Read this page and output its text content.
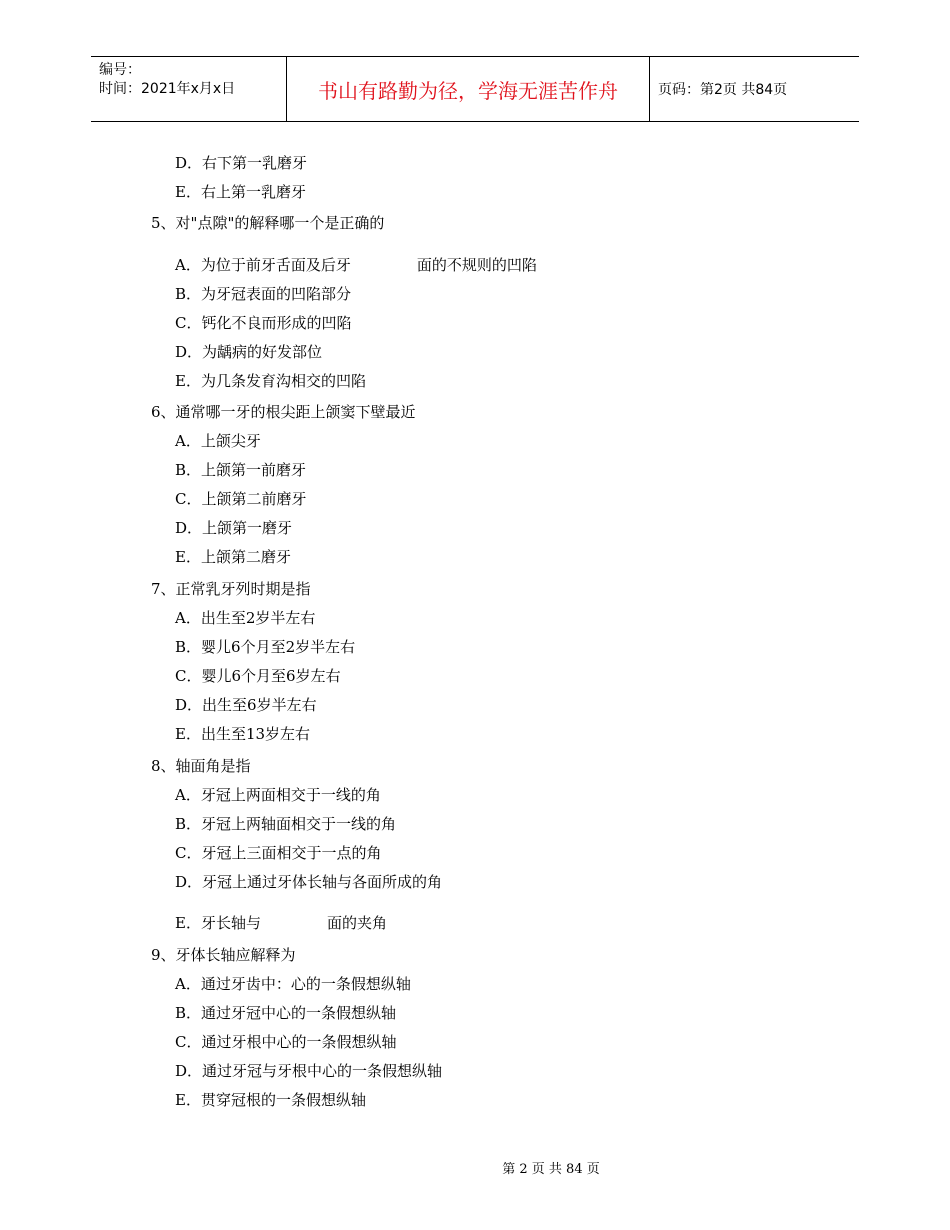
编号：
时间：2021年x月x日	书山有路勤为径，学海无涯苦作舟	页码：第2页 共84页
D．右下第一乳磨牙
E．右上第一乳磨牙
5、对"点隙"的解释哪一个是正确的
A．为位于前牙舌面及后牙	面的不规则的凹陷
B．为牙冠表面的凹陷部分
C．钙化不良而形成的凹陷
D．为龋病的好发部位
E．为几条发育沟相交的凹陷
6、通常哪一牙的根尖距上颌窦下壁最近
A．上颌尖牙
B．上颌第一前磨牙
C．上颌第二前磨牙
D．上颌第一磨牙
E．上颌第二磨牙
7、正常乳牙列时期是指
A．出生至2岁半左右
B．婴儿6个月至2岁半左右
C．婴儿6个月至6岁左右
D．出生至6岁半左右
E．出生至13岁左右
8、轴面角是指
A．牙冠上两面相交于一线的角
B．牙冠上两轴面相交于一线的角
C．牙冠上三面相交于一点的角
D．牙冠上通过牙体长轴与各面所成的角
E．牙长轴与	面的夹角
9、牙体长轴应解释为
A．通过牙齿中：心的一条假想纵轴
B．通过牙冠中心的一条假想纵轴
C．通过牙根中心的一条假想纵轴
D．通过牙冠与牙根中心的一条假想纵轴
E．贯穿冠根的一条假想纵轴
第 2 页 共 84 页
